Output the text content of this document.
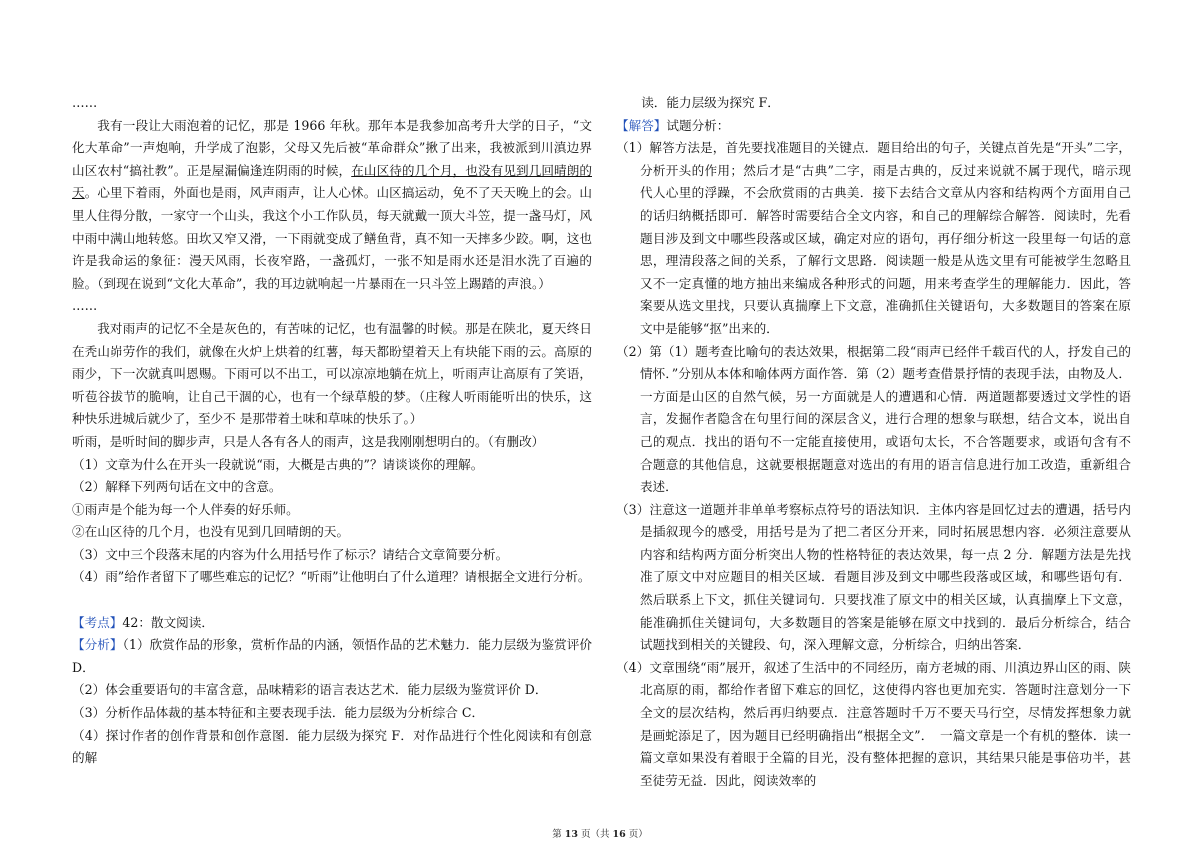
……

我有一段让大雨泡着的记忆，那是 1966 年秋。那年本是我参加高考升大学的日子，“文化大革命”一声炮响，升学成了泡影，父母又先后被“革命群众”揪了出来，我被派到川滇边界山区农村“搞社教”。正是屋漏偏逢连阴雨的时候，在山区待的几个月，也没有见到几回晴朗的天。心里下着雨，外面也是雨，风声雨声，让人心怵。山区搞运动，免不了天天晚上的会。山里人住得分散，一家守一个山头，我这个小工作队员，每天就戴一顶大斗笠，提一盏马灯，风中雨中满山地转悠。田坎又窄又滑，一下雨就变成了鳝鱼背，真不知一天摔多少跤。啊，这也许是我命运的象征：漫天风雨，长夜窄路，一盏孤灯，一张不知是雨水还是泪水洗了百遍的脸。（到现在说到“文化大革命”，我的耳边就响起一片暴雨在一只斗笠上踢踏的声浪。）

……

我对雨声的记忆不全是灰色的，有苦味的记忆，也有温馨的时候。那是在陕北，夏天终日在秃山峁劳作的我们，就像在火炉上烘着的红薯，每天都盼望着天上有块能下雨的云。高原的雨少，下一次就真叫恩赐。下雨可以不出工，可以凉凉地躺在炕上，听雨声让高原有了笑语，听苞谷拔节的脆响，让自己干涸的心，也有一个绿草般的梦。（庄稼人听雨能听出的快乐，这种快乐进城后就少了，至少不 是那带着土味和草味的快乐了。）

听雨，是听时间的脚步声，只是人各有各人的雨声，这是我刚刚想明白的。（有删改）

（1）文章为什么在开头一段就说“雨，大概是古典的”？请谈谈你的理解。

（2）解释下列两句话在文中的含意。

①雨声是个能为每一个人伴奏的好乐师。

②在山区待的几个月，也没有见到几回晴朗的天。

（3）文中三个段落末尾的内容为什么用括号作了标示？请结合文章简要分析。

（4）雨”给作者留下了哪些难忘的记忆？“听雨”让他明白了什么道理？请根据全文进行分析。

【考点】42：散文阅读．

【分析】（1）欣赏作品的形象，赏析作品的内涵，领悟作品的艺术魅力．能力层级为鉴赏评价 D．

（2）体会重要语句的丰富含意，品味精彩的语言表达艺术．能力层级为鉴赏评价 D．

（3）分析作品体裁的基本特征和主要表现手法．能力层级为分析综合 C．

（4）探讨作者的创作背景和创作意图．能力层级为探究 F．对作品进行个性化阅读和有创意的解

读．能力层级为探究 F．

【解答】试题分析：

（1）解答方法是，首先要找准题目的关键点．题目给出的句子，关键点首先是“开头”二字，分析开头的作用；然后才是“古典”二字，雨是古典的，反过来说就不属于现代，暗示现代人心里的浮躁，不会欣赏雨的古典美．接下去结合文章从内容和结构两个方面用自己的话归纳概括即可．解答时需要结合全文内容，和自己的理解综合解答．阅读时，先看题目涉及到文中哪些段落或区域，确定对应的语句，再仔细分析这一段里每一句话的意思，理清段落之间的关系，了解行文思路．阅读题一般是从选文里有可能被学生忽略且又不一定真懂的地方抽出来编成各种形式的问题，用来考查学生的理解能力．因此，答案要从选文里找，只要认真揣摩上下文意，准确抓住关键语句，大多数题目的答案在原文中是能够“抠”出来的．

（2）第（1）题考查比喻句的表达效果，根据第二段“雨声已经伴千载百代的人，抒发自己的情怀．”分别从本体和喻体两方面作答．第（2）题考查借景抒情的表现手法，由物及人．一方面是山区的自然气候，另一方面就是人的遭遇和心情．两道题都要透过文学性的语言，发掘作者隐含在句里行间的深层含义，进行合理的想象与联想，结合文本，说出自己的观点．找出的语句不一定能直接使用，或语句太长，不合答题要求，或语句含有不合题意的其他信息，这就要根据题意对选出的有用的语言信息进行加工改造，重新组合表述．

（3）注意这一道题并非单单考察标点符号的语法知识．主体内容是回忆过去的遭遇，括号内是插叙现今的感受，用括号是为了把二者区分开来，同时拓展思想内容．必须注意要从内容和结构两方面分析突出人物的性格特征的表达效果，每一点 2 分．解题方法是先找准了原文中对应题目的相关区域．看题目涉及到文中哪些段落或区域，和哪些语句有．然后联系上下文，抓住关键词句．只要找准了原文中的相关区域，认真揣摩上下文意，能准确抓住关键词句，大多数题目的答案是能够在原文中找到的．最后分析综合，结合试题找到相关的关键段、句，深入理解文意，分析综合，归纳出答案．

（4）文章围绕“雨”展开，叙述了生活中的不同经历，南方老城的雨、川滇边界山区的雨、陕北高原的雨，都给作者留下难忘的回忆，这使得内容也更加充实．答题时注意划分一下全文的层次结构，然后再归纳要点．注意答题时千万不要天马行空，尽情发挥想象力就是画蛇添足了，因为题目已经明确指出“根据全文”．　一篇文章是一个有机的整体．读一篇文章如果没有着眼于全篇的目光，没有整体把握的意识，其结果只能是事倍功半，甚至徒劳无益．因此，阅读效率的

第 13 页（共 16 页）
